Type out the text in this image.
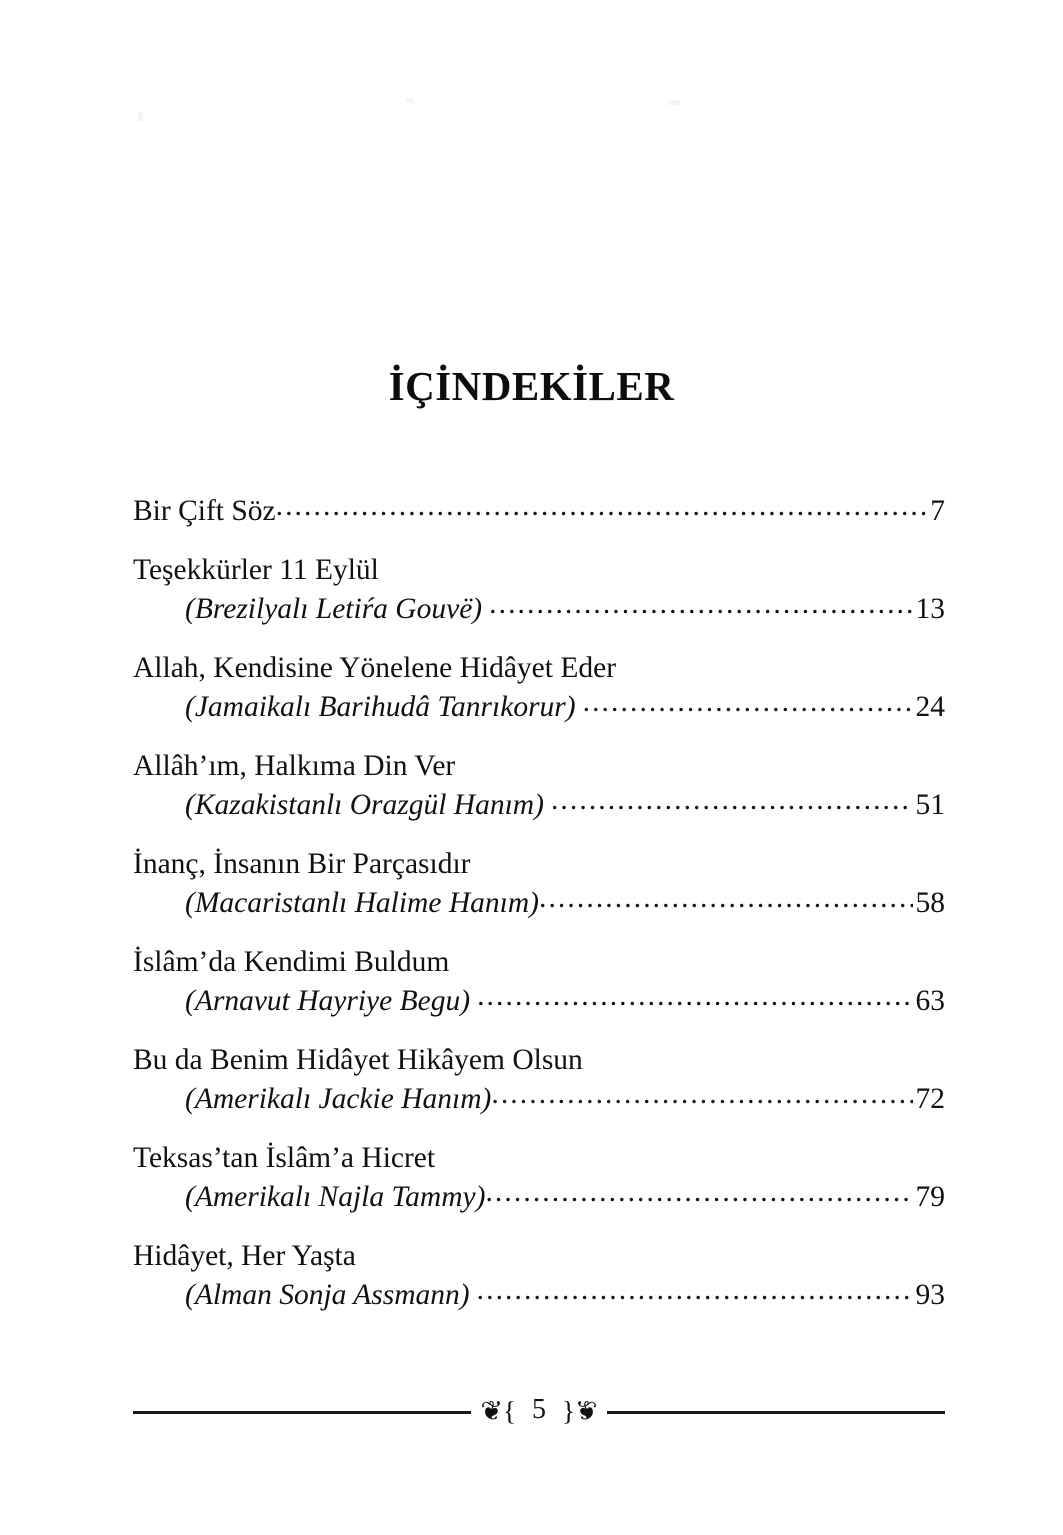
İÇİNDEKİLER
Bir Çift Söz .....	7
Teşekkürler 11 Eylül
(Brezilyalı Letiŕa Gouvë) .....	13
Allah, Kendisine Yönelene Hidâyet Eder
(Jamaikalı Barihudâ Tanrıkorur) .....	24
Allâh’ım, Halkıma Din Ver
(Kazakistanlı Orazgül Hanım) .....	51
İnanç, İnsanın Bir Parçasıdır
(Macaristanlı Halime Hanım) .....	58
İslâm’da Kendimi Buldum
(Arnavut Hayriye Begu) .....	63
Bu da Benim Hidâyet Hikâyem Olsun
(Amerikalı Jackie Hanım) .....	72
Teksas’tan İslâm’a Hicret
(Amerikalı Najla Tammy) .....	79
Hidâyet, Her Yaşta
(Alman Sonja Assmann) .....	93
❦{ 5 ❦{
